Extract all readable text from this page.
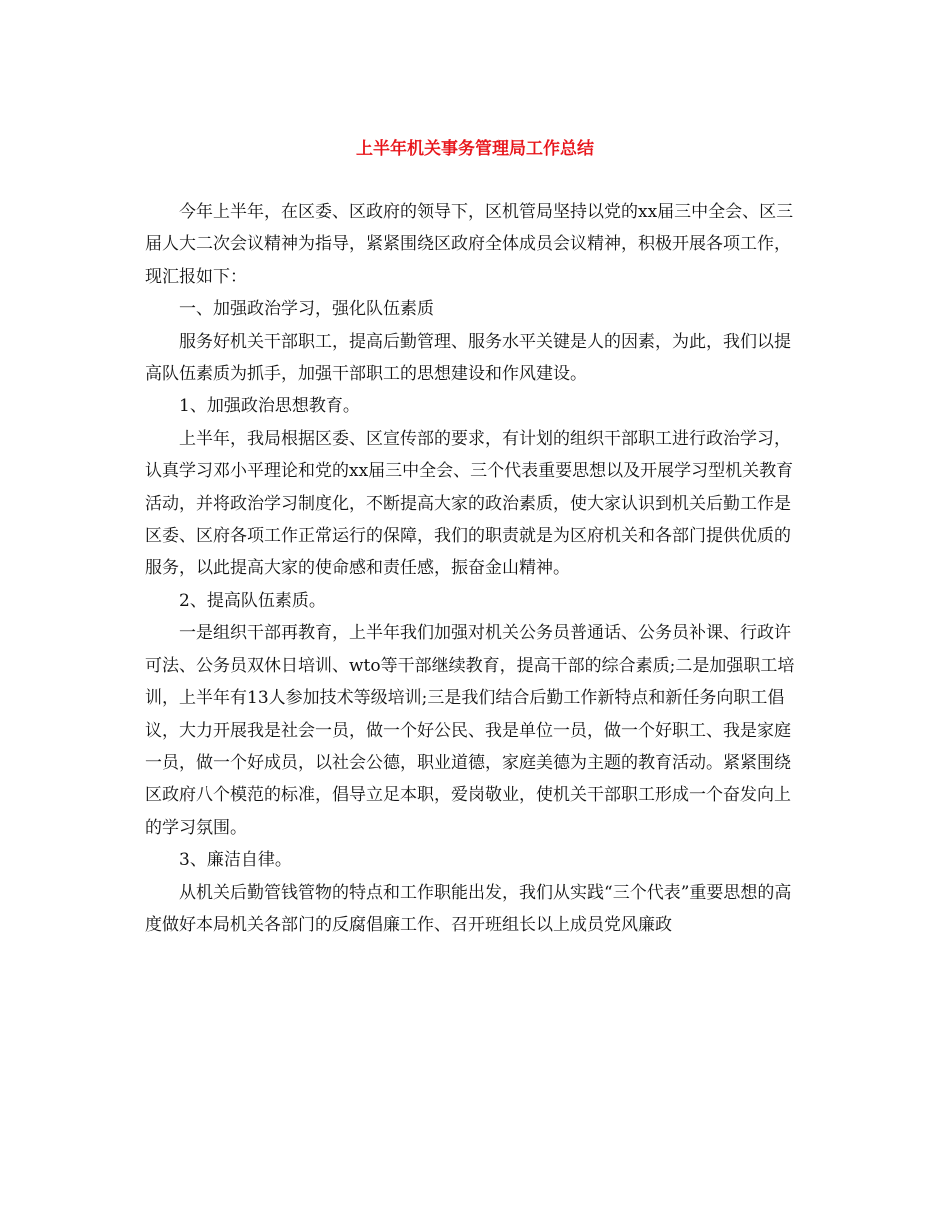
上半年机关事务管理局工作总结

今年上半年，在区委、区政府的领导下，区机管局坚持以党的xx届三中全会、区三届人大二次会议精神为指导，紧紧围绕区政府全体成员会议精神，积极开展各项工作，现汇报如下：

一、加强政治学习，强化队伍素质

服务好机关干部职工，提高后勤管理、服务水平关键是人的因素，为此，我们以提高队伍素质为抓手，加强干部职工的思想建设和作风建设。

1、加强政治思想教育。

上半年，我局根据区委、区宣传部的要求，有计划的组织干部职工进行政治学习，认真学习邓小平理论和党的xx届三中全会、三个代表重要思想以及开展学习型机关教育活动，并将政治学习制度化，不断提高大家的政治素质，使大家认识到机关后勤工作是区委、区府各项工作正常运行的保障，我们的职责就是为区府机关和各部门提供优质的服务，以此提高大家的使命感和责任感，振奋金山精神。

2、提高队伍素质。

一是组织干部再教育，上半年我们加强对机关公务员普通话、公务员补课、行政许可法、公务员双休日培训、wto等干部继续教育，提高干部的综合素质;二是加强职工培训，上半年有13人参加技术等级培训;三是我们结合后勤工作新特点和新任务向职工倡议，大力开展我是社会一员，做一个好公民、我是单位一员，做一个好职工、我是家庭一员，做一个好成员，以社会公德，职业道德，家庭美德为主题的教育活动。紧紧围绕区政府八个模范的标准，倡导立足本职，爱岗敬业，使机关干部职工形成一个奋发向上的学习氛围。

3、廉洁自律。

从机关后勤管钱管物的特点和工作职能出发，我们从实践“三个代表”重要思想的高度做好本局机关各部门的反腐倡廉工作、召开班组长以上成员党风廉政
